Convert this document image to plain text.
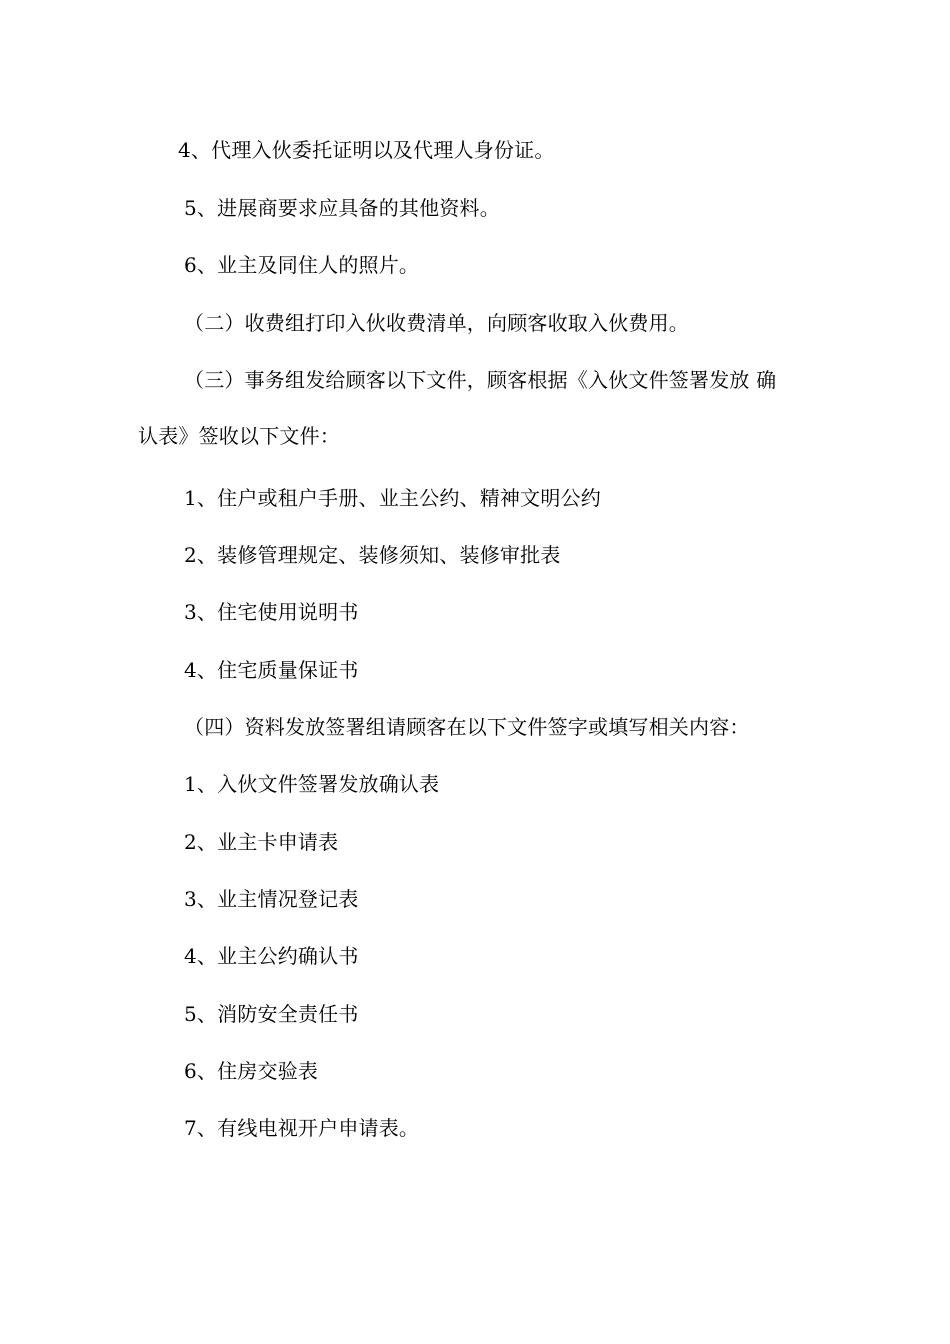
4、代理入伙委托证明以及代理人身份证。
5、进展商要求应具备的其他资料。
6、业主及同住人的照片。
（二）收费组打印入伙收费清单，向顾客收取入伙费用。
（三）事务组发给顾客以下文件，顾客根据《入伙文件签署发放 确
认表》签收以下文件：
1、住户或租户手册、业主公约、精神文明公约
2、装修管理规定、装修须知、装修审批表
3、住宅使用说明书
4、住宅质量保证书
（四）资料发放签署组请顾客在以下文件签字或填写相关内容：
1、入伙文件签署发放确认表
2、业主卡申请表
3、业主情况登记表
4、业主公约确认书
5、消防安全责任书
6、住房交验表
7、有线电视开户申请表。
